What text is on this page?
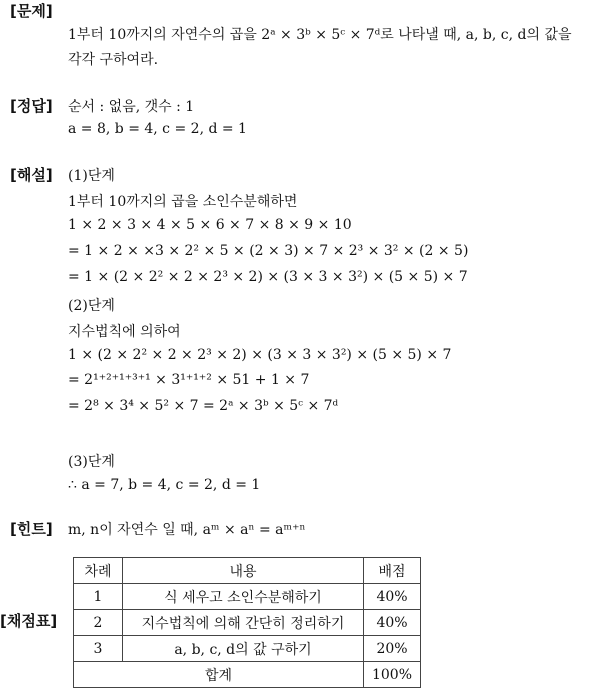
[문제]
1부터 10까지의 자연수의 곱을 2ᵃ × 3ᵇ × 5ᶜ × 7ᵈ로 나타낼 때, a, b, c, d의 값을
각각 구하여라.
[정답] 순서 : 없음, 갯수 : 1
a = 8, b = 4, c = 2, d = 1
[해설] (1)단계
1부터 10까지의 곱을 소인수분해하면
1 × 2 × 3 × 4 × 5 × 6 × 7 × 8 × 9 × 10
= 1 × 2 × ×3 × 2² × 5 × (2 × 3) × 7 × 2³ × 3² × (2 × 5)
= 1 × (2 × 2² × 2 × 2³ × 2) × (3 × 3 × 3²) × (5 × 5) × 7
(2)단계
지수법칙에 의하여
1 × (2 × 2² × 2 × 2³ × 2) × (3 × 3 × 3²) × (5 × 5) × 7
= 2¹⁺²⁺¹⁺³⁺¹ × 3¹⁺¹⁺² × 51 + 1 × 7
= 2⁸ × 3⁴ × 5² × 7 = 2ᵃ × 3ᵇ × 5ᶜ × 7ᵈ
(3)단계
∴ a = 7, b = 4, c = 2, d = 1
[힌트] m, n이 자연수 일 때, aᵐ × aⁿ = aᵐ⁺ⁿ
[채점표]
차례	내용	배점
1	식 세우고 소인수분해하기	40%
2	지수법칙에 의해 간단히 정리하기	40%
3	a, b, c, d의 값 구하기	20%
합계		100%
